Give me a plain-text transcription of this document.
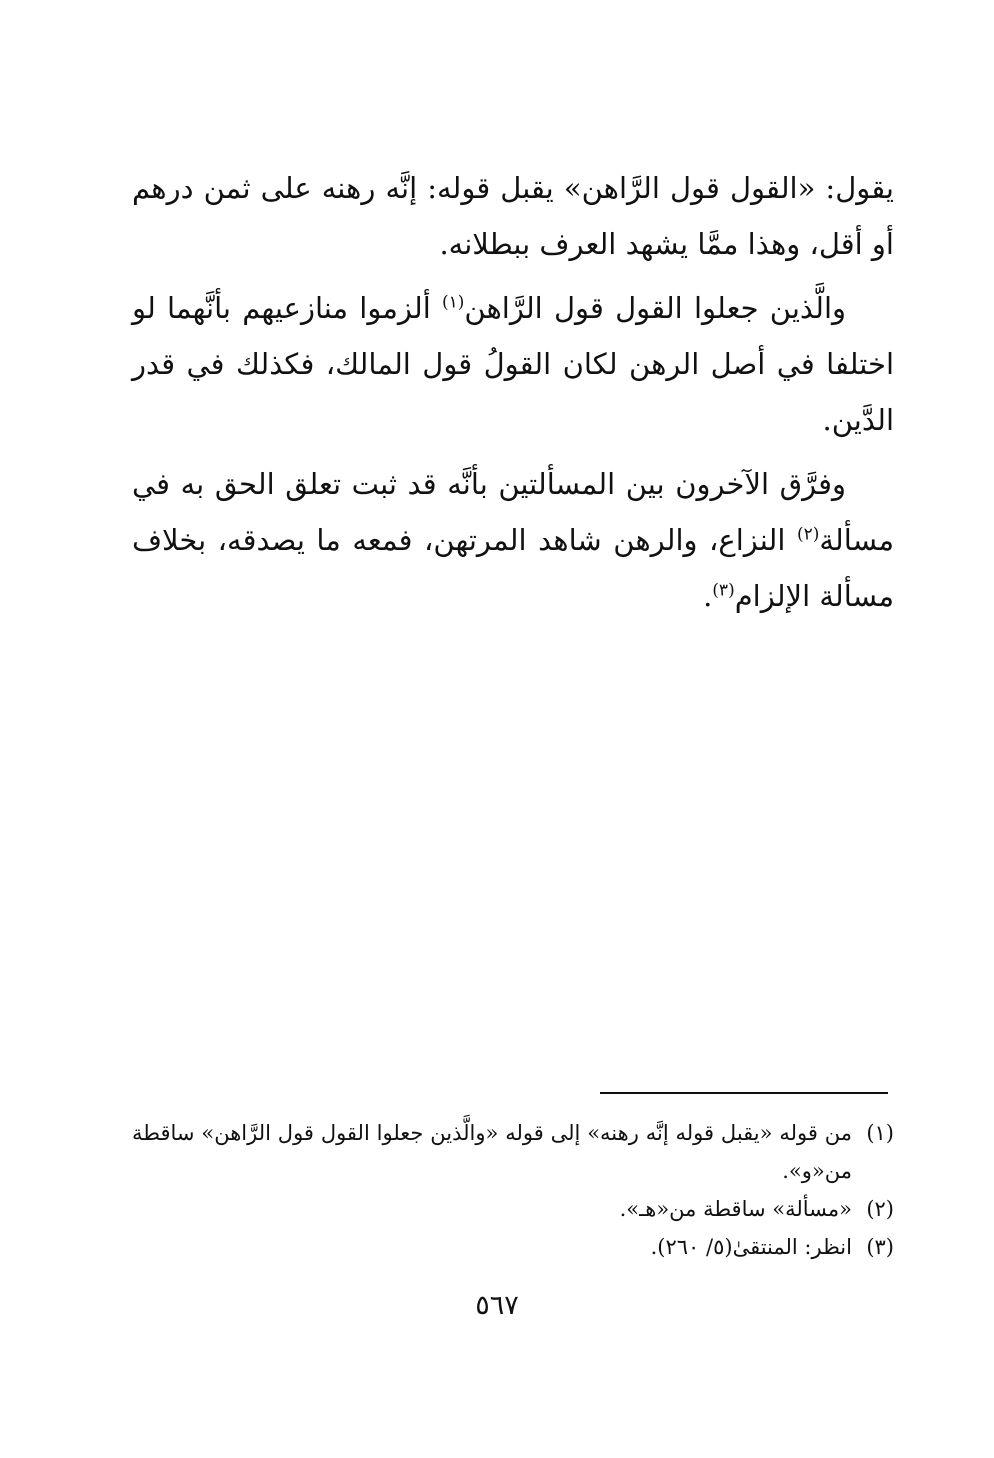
يقول: «القول قول الرَّاهن» يقبل قوله: إنَّه رهنه على ثمن درهم أو أقل، وهذا ممَّا يشهد العرف ببطلانه.

والَّذين جعلوا القول قول الرَّاهن$^{(١)}$ ألزموا منازعيهم بأنَّهما لو اختلفا في أصل الرهن لكان القولُ قول المالك، فكذلك في قدر الدَّين.

وفرَّق الآخرون بين المسألتين بأنَّه قد ثبت تعلق الحق به في مسألة$^{(٢)}$ النزاع، والرهن شاهد المرتهن، فمعه ما يصدقه، بخلاف مسألة الإلزام$^{(٣)}$.

(١)
من قوله «يقبل قوله إنَّه رهنه» إلى قوله «والَّذين جعلوا القول قول الرَّاهن» ساقطة من«و».
(٢)
«مسألة» ساقطة من«هـ».
(٣)
انظر: المنتقىٰ(٥/ ٢٦٠).
٥٦٧
